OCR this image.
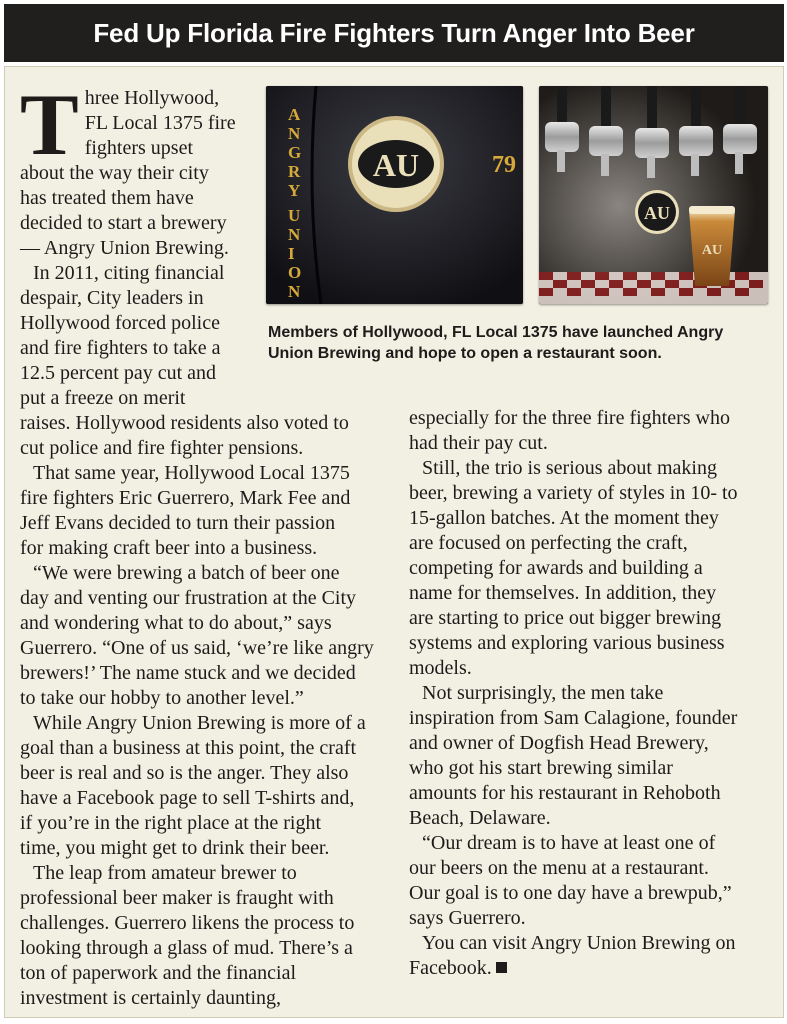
Fed Up Florida Fire Fighters Turn Anger Into Beer
AU
A
N
G
R
Y
U
N
I
O
N
79
AU
AU
Members of Hollywood, FL Local 1375 have launched Angry
Union Brewing and hope to open a restaurant soon.
T hree Hollywood,
FL Local 1375 fire
fighters upset
about the way their city
has treated them have
decided to start a brewery
— Angry Union Brewing.
In 2011, citing financial
despair, City leaders in
Hollywood forced police
and fire fighters to take a
12.5 percent pay cut and
put a freeze on merit
raises. Hollywood residents also voted to
cut police and fire fighter pensions.
That same year, Hollywood Local 1375
fire fighters Eric Guerrero, Mark Fee and
Jeff Evans decided to turn their passion
for making craft beer into a business.
“We were brewing a batch of beer one
day and venting our frustration at the City
and wondering what to do about,” says
Guerrero. “One of us said, ‘we’re like angry
brewers!’ The name stuck and we decided
to take our hobby to another level.”
While Angry Union Brewing is more of a
goal than a business at this point, the craft
beer is real and so is the anger. They also
have a Facebook page to sell T-shirts and,
if you’re in the right place at the right
time, you might get to drink their beer.
The leap from amateur brewer to
professional beer maker is fraught with
challenges. Guerrero likens the process to
looking through a glass of mud. There’s a
ton of paperwork and the financial
investment is certainly daunting,
especially for the three fire fighters who
had their pay cut.
Still, the trio is serious about making
beer, brewing a variety of styles in 10- to
15-gallon batches. At the moment they
are focused on perfecting the craft,
competing for awards and building a
name for themselves. In addition, they
are starting to price out bigger brewing
systems and exploring various business
models.
Not surprisingly, the men take
inspiration from Sam Calagione, founder
and owner of Dogfish Head Brewery,
who got his start brewing similar
amounts for his restaurant in Rehoboth
Beach, Delaware.
“Our dream is to have at least one of
our beers on the menu at a restaurant.
Our goal is to one day have a brewpub,”
says Guerrero.
You can visit Angry Union Brewing on
Facebook.
